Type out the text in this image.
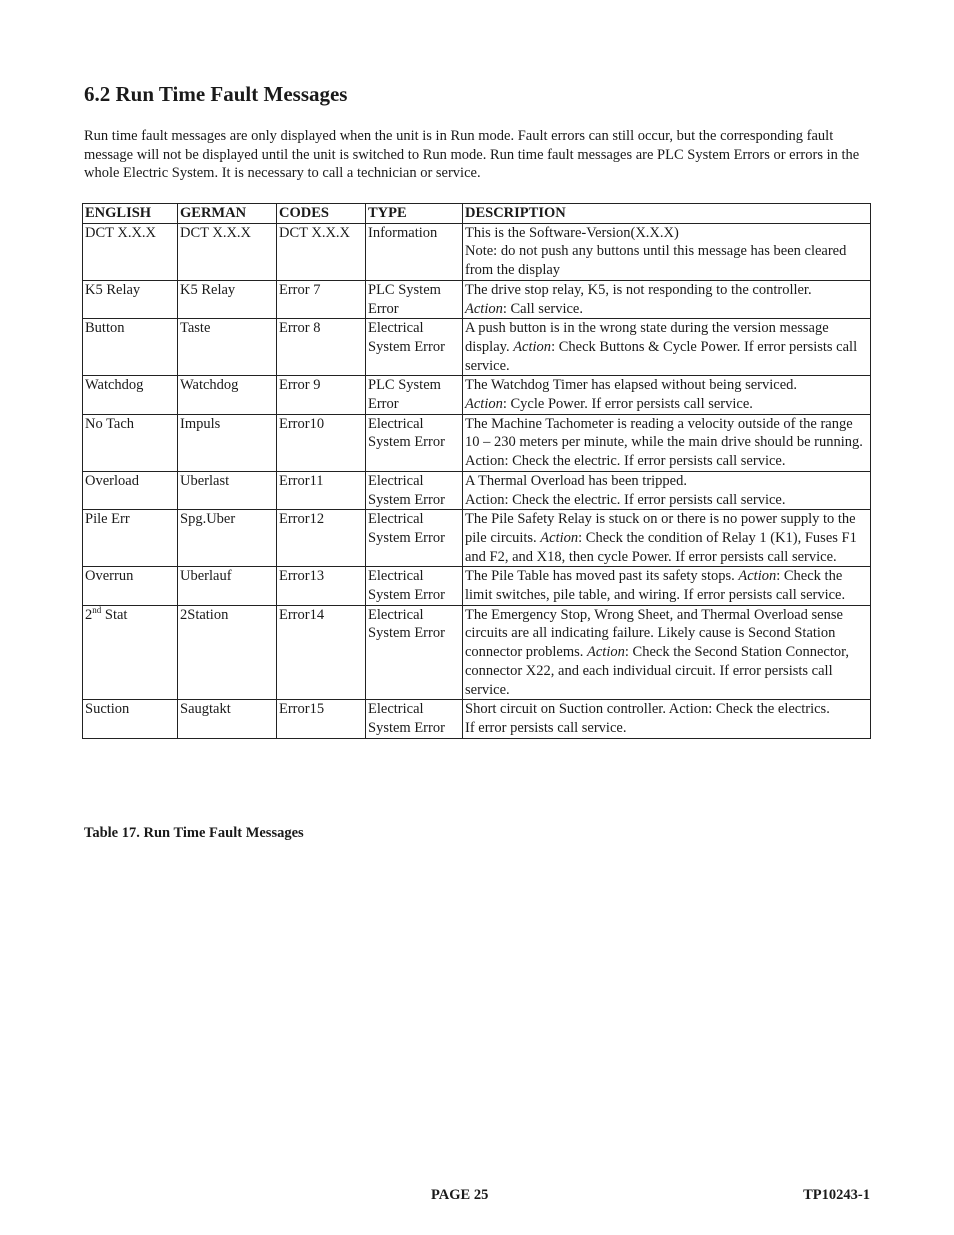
6.2 Run Time Fault Messages

Run time fault messages are only displayed when the unit is in Run mode. Fault errors can still occur, but the corresponding fault message will not be displayed until the unit is switched to Run mode. Run time fault messages are PLC System Errors or errors in the whole Electric System. It is necessary to call a technician or service.

ENGLISH	GERMAN	CODES	TYPE	DESCRIPTION
DCT X.X.X	DCT X.X.X	DCT X.X.X	Information	This is the Software-Version(X.X.X)
Note: do not push any buttons until this message has been cleared from the display
K5 Relay	K5 Relay	Error 7	PLC System Error	The drive stop relay, K5, is not responding to the controller.
Action: Call service.
Button	Taste	Error 8	Electrical System Error	A push button is in the wrong state during the version message display. Action: Check Buttons & Cycle Power. If error persists call service.
Watchdog	Watchdog	Error 9	PLC System Error	The Watchdog Timer has elapsed without being serviced.
Action: Cycle Power. If error persists call service.
No Tach	Impuls	Error10	Electrical System Error	The Machine Tachometer is reading a velocity outside of the range 10 – 230 meters per minute, while the main drive should be running. Action: Check the electric. If error persists call service.
Overload	Uberlast	Error11	Electrical System Error	A Thermal Overload has been tripped.
Action: Check the electric. If error persists call service.
Pile Err	Spg.Uber	Error12	Electrical System Error	The Pile Safety Relay is stuck on or there is no power supply to the pile circuits. Action: Check the condition of Relay 1 (K1), Fuses F1 and F2, and X18, then cycle Power. If error persists call service.
Overrun	Uberlauf	Error13	Electrical System Error	The Pile Table has moved past its safety stops. Action: Check the limit switches, pile table, and wiring. If error persists call service.
2nd Stat	2Station	Error14	Electrical System Error	The Emergency Stop, Wrong Sheet, and Thermal Overload sense circuits are all indicating failure. Likely cause is Second Station connector problems. Action: Check the Second Station Connector, connector X22, and each individual circuit. If error persists call service.
Suction	Saugtakt	Error15	Electrical System Error	Short circuit on Suction controller. Action: Check the electrics.
If error persists call service.

Table 17. Run Time Fault Messages

PAGE 25	TP10243-1
